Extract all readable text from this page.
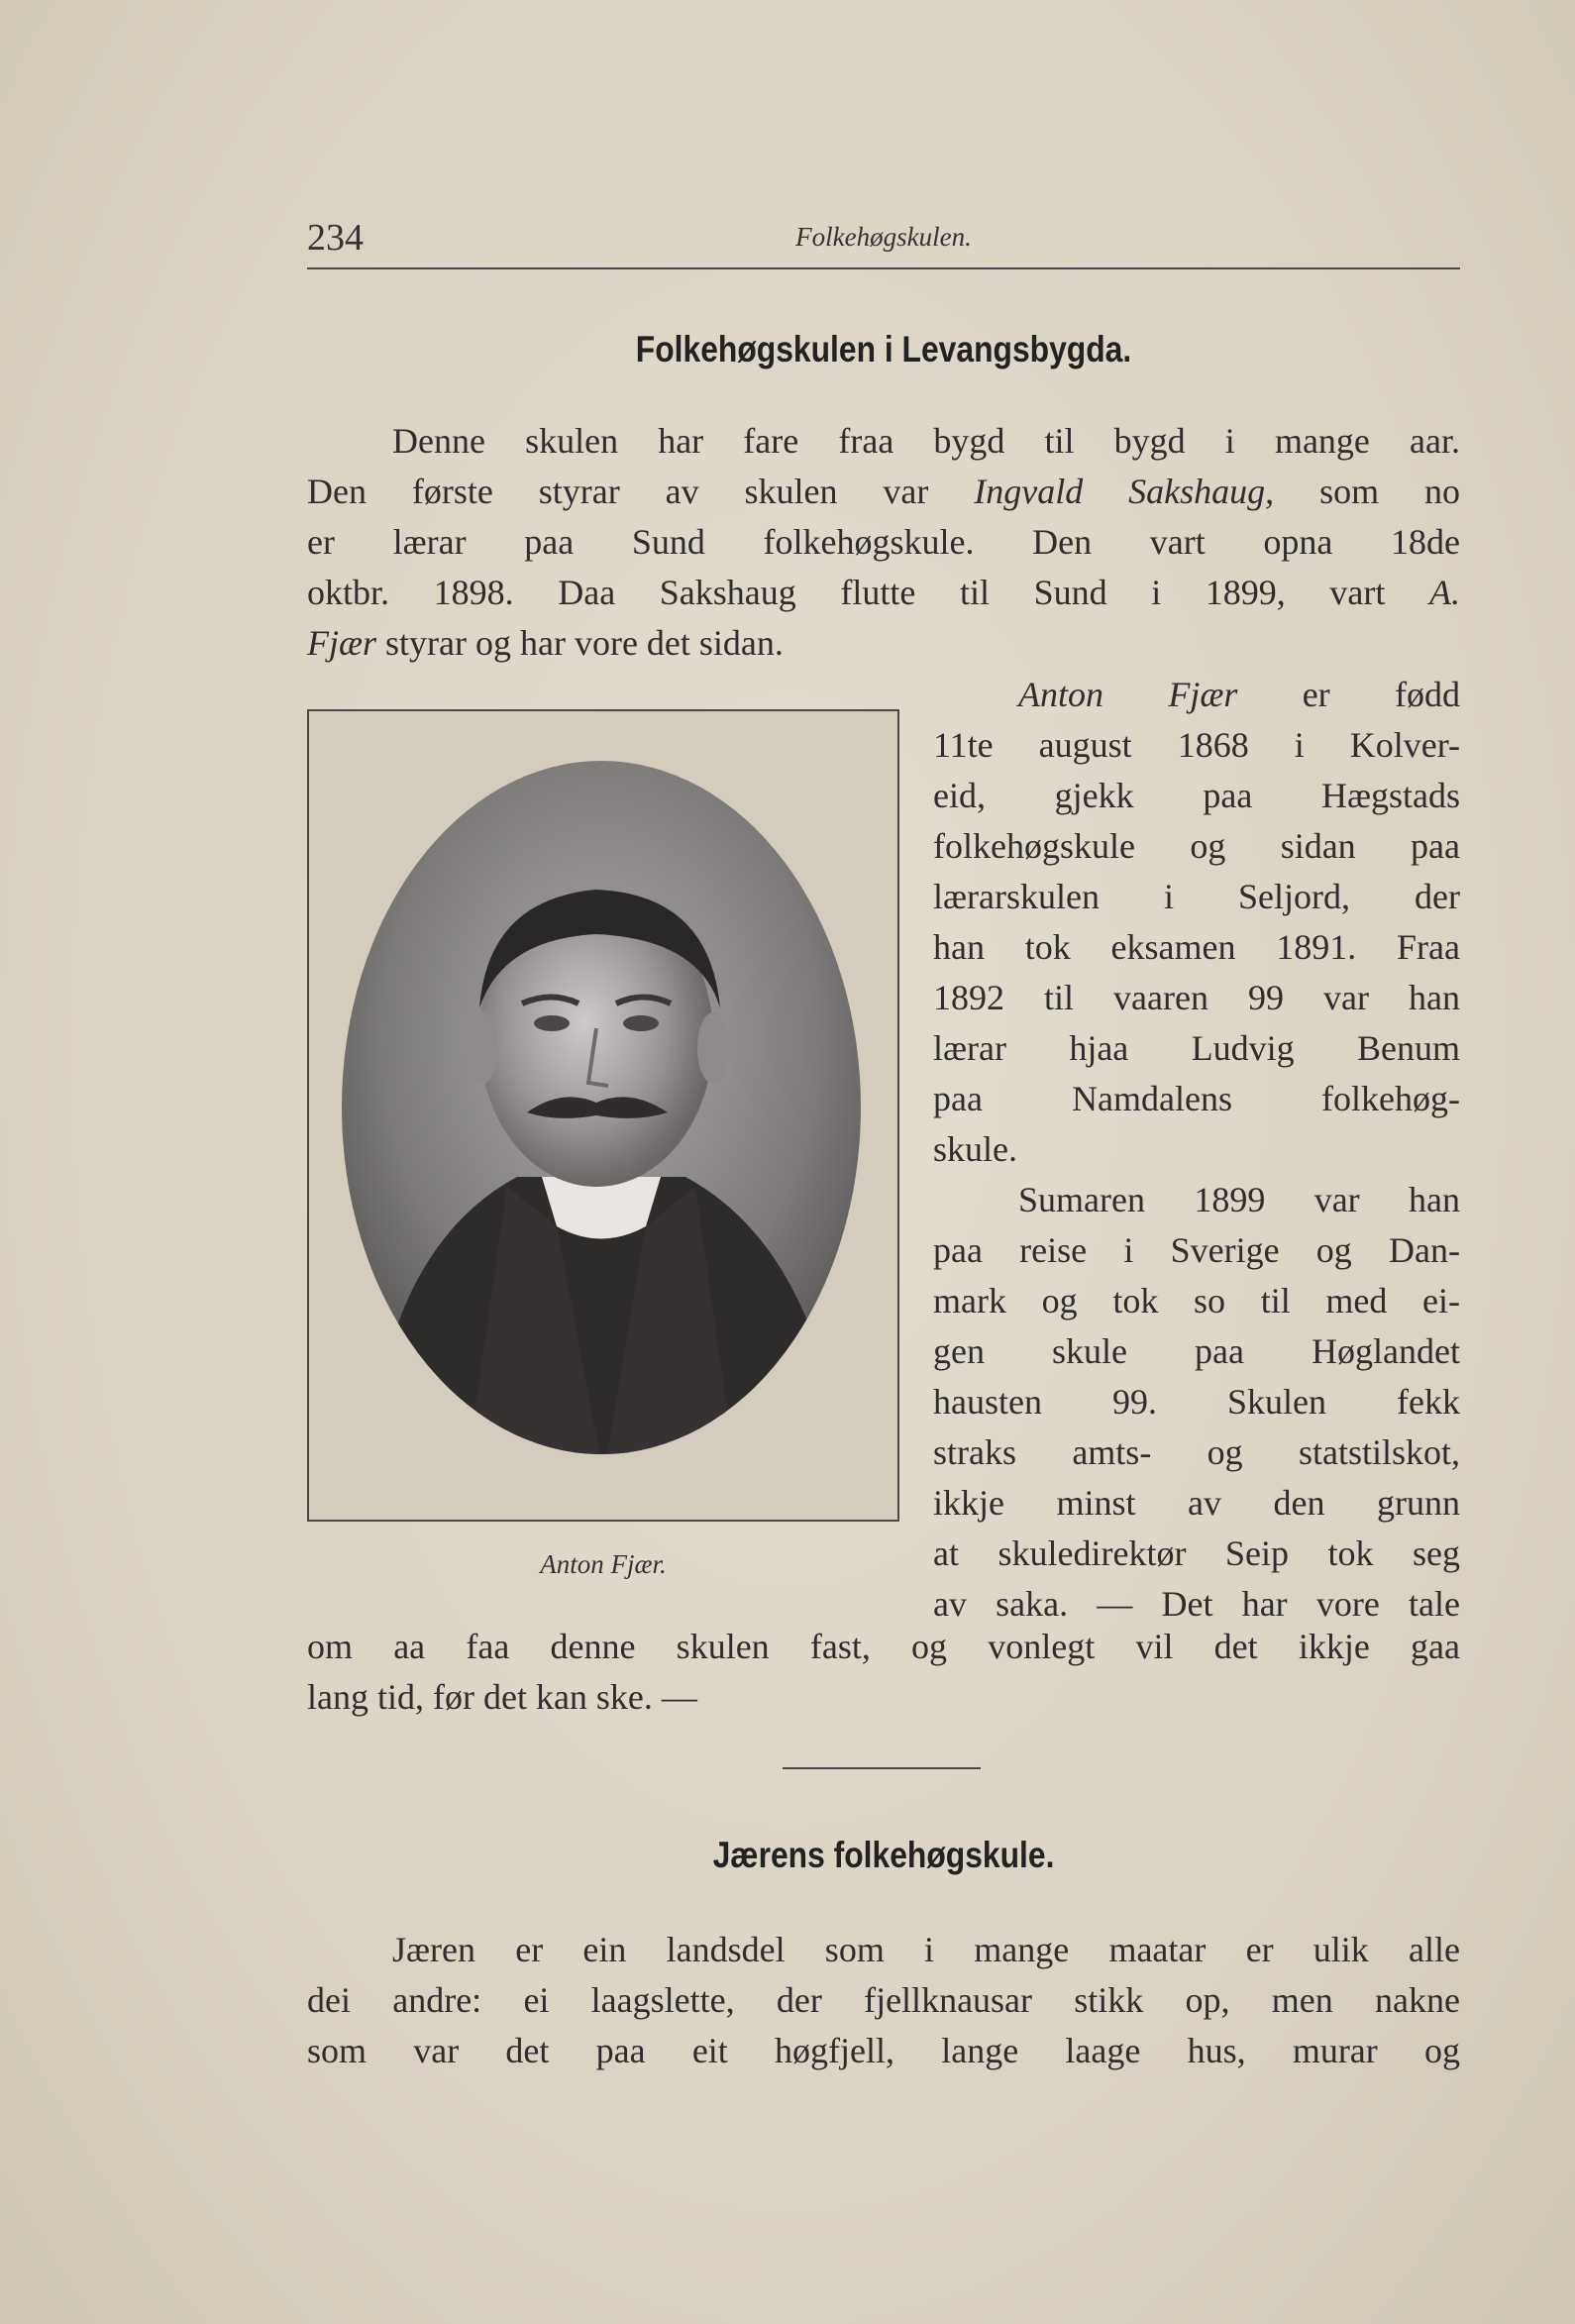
234	Folkehøgskulen.
Folkehøgskulen i Levangsbygda.

Denne skulen har fare fraa bygd til bygd i mange aar.
Den første styrar av skulen var Ingvald Sakshaug, som no
er lærar paa Sund folkehøgskule. Den vart opna 18de
oktbr. 1898. Daa Sakshaug flutte til Sund i 1899, vart A.
Fjær styrar og har vore det sidan.

Anton Fjær.

Anton Fjær er fødd
11te august 1868 i Kolver-
eid, gjekk paa Hægstads
folkehøgskule og sidan paa
lærarskulen i Seljord, der
han tok eksamen 1891. Fraa
1892 til vaaren 99 var han
lærar hjaa Ludvig Benum
paa Namdalens folkehøg-
skule.

Sumaren 1899 var han
paa reise i Sverige og Dan-
mark og tok so til med ei-
gen skule paa Høglandet
hausten 99. Skulen fekk
straks amts- og statstilskot,
ikkje minst av den grunn
at skuledirektør Seip tok seg
av saka. — Det har vore tale

om aa faa denne skulen fast, og vonlegt vil det ikkje gaa
lang tid, før det kan ske. —

Jærens folkehøgskule.

Jæren er ein landsdel som i mange maatar er ulik alle
dei andre: ei laagslette, der fjellknausar stikk op, men nakne
som var det paa eit høgfjell, lange laage hus, murar og
